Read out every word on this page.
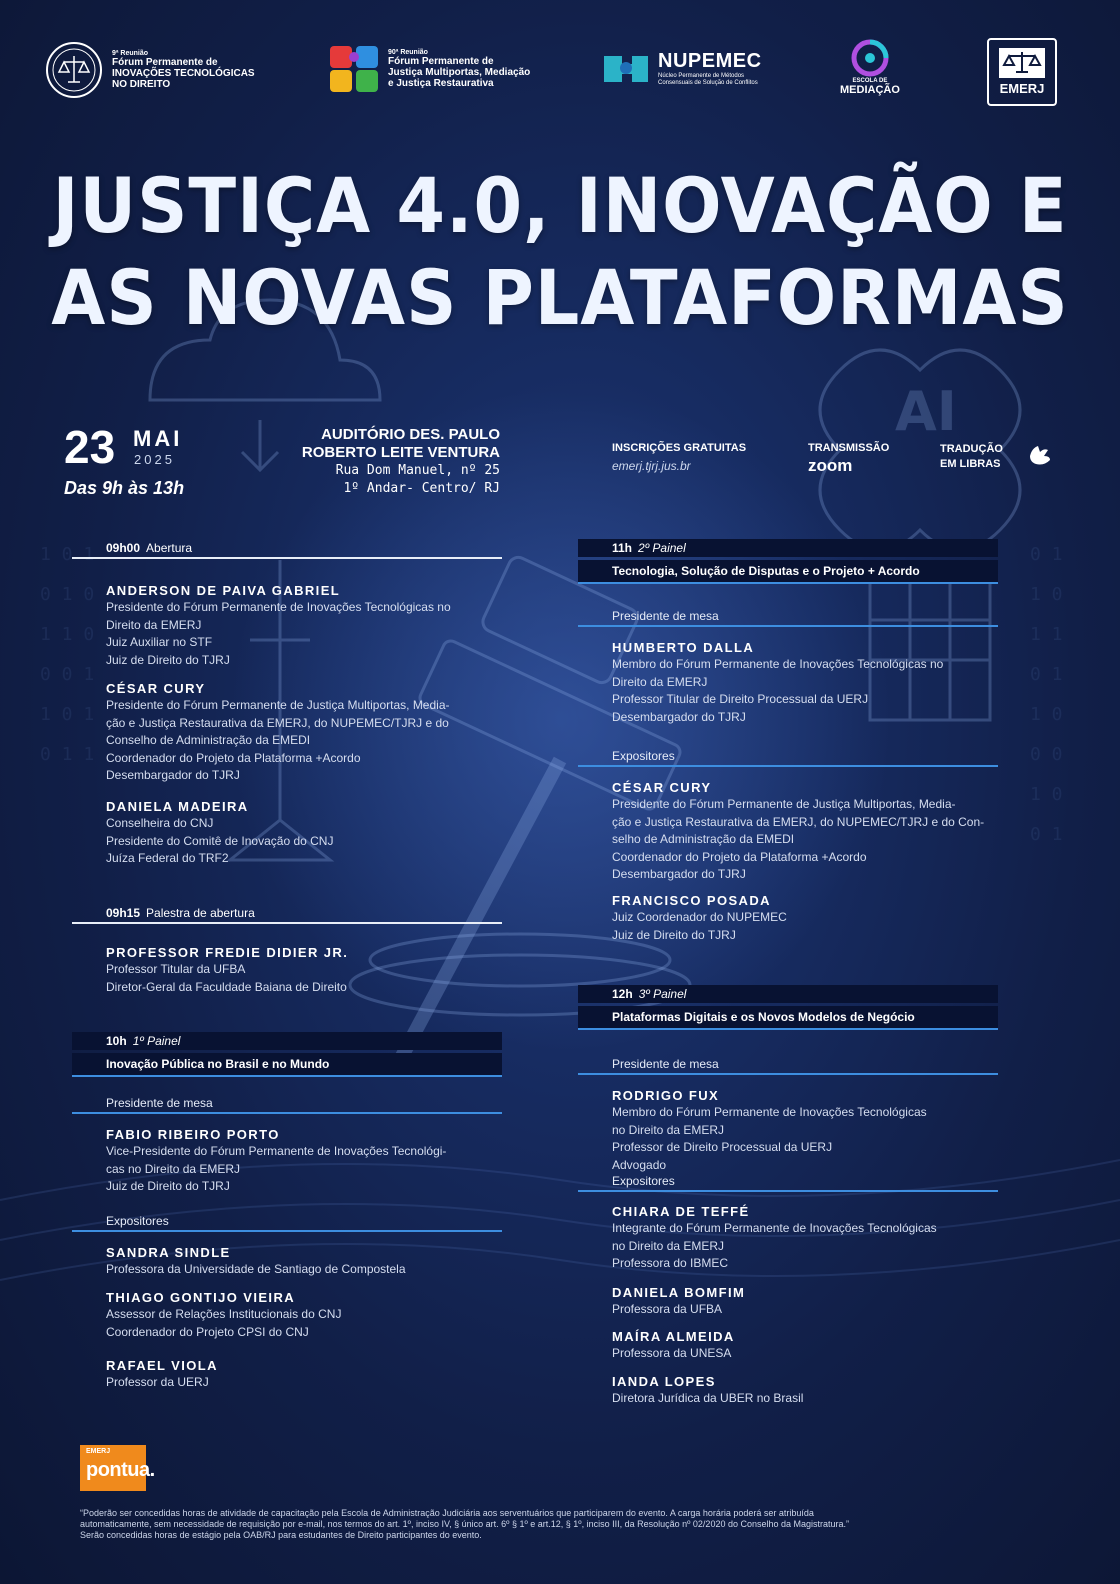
AI
1 0 1
0 1 0
1 1 0
0 0 1
1 0 1
0 1 1
0 1
1 0
1 1
0 1
1 0
0 0
1 0
0 1
9ª Reunião
Fórum Permanente de
INOVAÇÕES TECNOLÓGICAS
NO DIREITO
90ª Reunião
Fórum Permanente de
Justiça Multiportas, Mediação
e Justiça Restaurativa
NUPEMEC
Núcleo Permanente de Métodos
Consensuais de Solução de Conflitos	ESCOLA DE
MEDIAÇÃO	EMERJ
JUSTIÇA 4.0, INOVAÇÃO E
AS NOVAS PLATAFORMAS
23 MAI
2025
Das 9h às 13h
AUDITÓRIO DES. PAULO
ROBERTO LEITE VENTURA
Rua Dom Manuel, nº 25
1º Andar- Centro/ RJ
INSCRIÇÕES GRATUITAS
emerj.tjrj.jus.br
TRANSMISSÃO
zoom
TRADUÇÃO
EM LIBRAS
09h00 Abertura
ANDERSON DE PAIVA GABRIEL
Presidente do Fórum Permanente de Inovações Tecnológicas no
Direito da EMERJ
Juiz Auxiliar no STF
Juiz de Direito do TJRJ
CÉSAR CURY
Presidente do Fórum Permanente de Justiça Multiportas, Media-
ção e Justiça Restaurativa da EMERJ, do NUPEMEC/TJRJ e do
Conselho de Administração da EMEDI
Coordenador do Projeto da Plataforma +Acordo
Desembargador do TJRJ
DANIELA MADEIRA
Conselheira do CNJ
Presidente do Comitê de Inovação do CNJ
Juíza Federal do TRF2
09h15 Palestra de abertura
PROFESSOR FREDIE DIDIER JR.
Professor Titular da UFBA
Diretor-Geral da Faculdade Baiana de Direito
10h 1º Painel
Inovação Pública no Brasil e no Mundo
Presidente de mesa
FABIO RIBEIRO PORTO
Vice-Presidente do Fórum Permanente de Inovações Tecnológi-
cas no Direito da EMERJ
Juiz de Direito do TJRJ
Expositores
SANDRA SINDLE
Professora da Universidade de Santiago de Compostela
THIAGO GONTIJO VIEIRA
Assessor de Relações Institucionais do CNJ
Coordenador do Projeto CPSI do CNJ
RAFAEL VIOLA
Professor da UERJ
11h 2º Painel
Tecnologia, Solução de Disputas e o Projeto + Acordo
Presidente de mesa
HUMBERTO DALLA
Membro do Fórum Permanente de Inovações Tecnológicas no
Direito da EMERJ
Professor Titular de Direito Processual da UERJ
Desembargador do TJRJ
Expositores
CÉSAR CURY
Presidente do Fórum Permanente de Justiça Multiportas, Media-
ção e Justiça Restaurativa da EMERJ, do NUPEMEC/TJRJ e do Con-
selho de Administração da EMEDI
Coordenador do Projeto da Plataforma +Acordo
Desembargador do TJRJ
FRANCISCO POSADA
Juiz Coordenador do NUPEMEC
Juiz de Direito do TJRJ
12h 3º Painel
Plataformas Digitais e os Novos Modelos de Negócio
Presidente de mesa
RODRIGO FUX
Membro do Fórum Permanente de Inovações Tecnológicas
no Direito da EMERJ
Professor de Direito Processual da UERJ
Advogado
Expositores
CHIARA DE TEFFÉ
Integrante do Fórum Permanente de Inovações Tecnológicas
no Direito da EMERJ
Professora do IBMEC
DANIELA BOMFIM
Professora da UFBA
MAÍRA ALMEIDA
Professora da UNESA
IANDA LOPES
Diretora Jurídica da UBER no Brasil
EMERJ
pontua.
“Poderão ser concedidas horas de atividade de capacitação pela Escola de Administração Judiciária aos serventuários que participarem do evento. A carga horária poderá ser atribuída
automaticamente, sem necessidade de requisição por e-mail, nos termos do art. 1º, inciso IV, § único art. 6º § 1º e art.12, § 1º, inciso III, da Resolução nº 02/2020 do Conselho da Magistratura.”
Serão concedidas horas de estágio pela OAB/RJ para estudantes de Direito participantes do evento.
